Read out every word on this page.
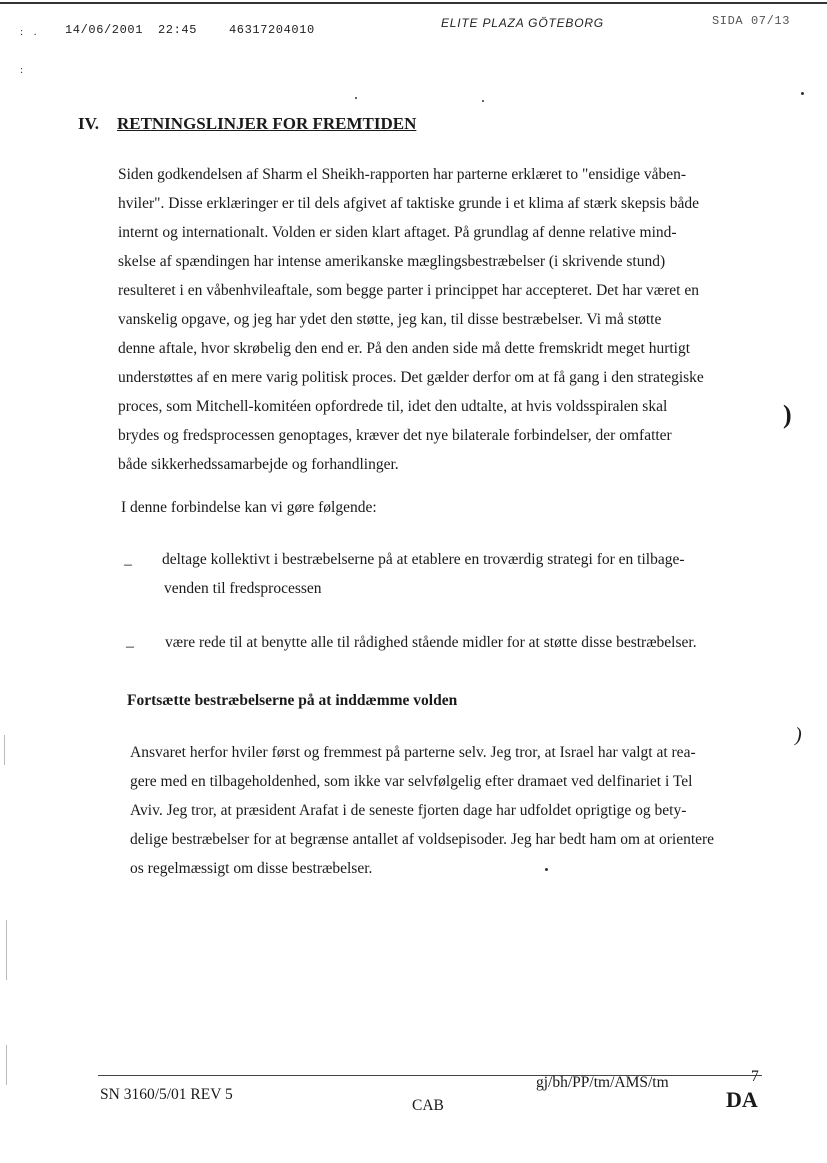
: .
:
14/06/2001 22:45	46317204010	ELITE PLAZA GÖTEBORG	SIDA 07/13
IV. RETNINGSLINJER FOR FREMTIDEN
Siden godkendelsen af Sharm el Sheikh-rapporten har parterne erklæret to "ensidige våben-
hviler". Disse erklæringer er til dels afgivet af taktiske grunde i et klima af stærk skepsis både
internt og internationalt. Volden er siden klart aftaget. På grundlag af denne relative mind-
skelse af spændingen har intense amerikanske mæglingsbestræbelser (i skrivende stund)
resulteret i en våbenhvileaftale, som begge parter i princippet har accepteret. Det har været en
vanskelig opgave, og jeg har ydet den støtte, jeg kan, til disse bestræbelser. Vi må støtte
denne aftale, hvor skrøbelig den end er. På den anden side må dette fremskridt meget hurtigt
understøttes af en mere varig politisk proces. Det gælder derfor om at få gang i den strategiske
proces, som Mitchell-komitéen opfordrede til, idet den udtalte, at hvis voldsspiralen skal
brydes og fredsprocessen genoptages, kræver det nye bilaterale forbindelser, der omfatter
både sikkerhedssamarbejde og forhandlinger.
I denne forbindelse kan vi gøre følgende:
– deltage kollektivt i bestræbelserne på at etablere en troværdig strategi for en tilbage-
venden til fredsprocessen
– være rede til at benytte alle til rådighed stående midler for at støtte disse bestræbelser.
Fortsætte bestræbelserne på at inddæmme volden
Ansvaret herfor hviler først og fremmest på parterne selv. Jeg tror, at Israel har valgt at rea-
gere med en tilbageholdenhed, som ikke var selvfølgelig efter dramaet ved delfinariet i Tel
Aviv. Jeg tror, at præsident Arafat i de seneste fjorten dage har udfoldet oprigtige og bety-
delige bestræbelser for at begrænse antallet af voldsepisoder. Jeg har bedt ham om at orientere
os regelmæssigt om disse bestræbelser.
)
)
SN 3160/5/01 REV 5
gj/bh/PP/tm/AMS/tm	7
CAB	DA
